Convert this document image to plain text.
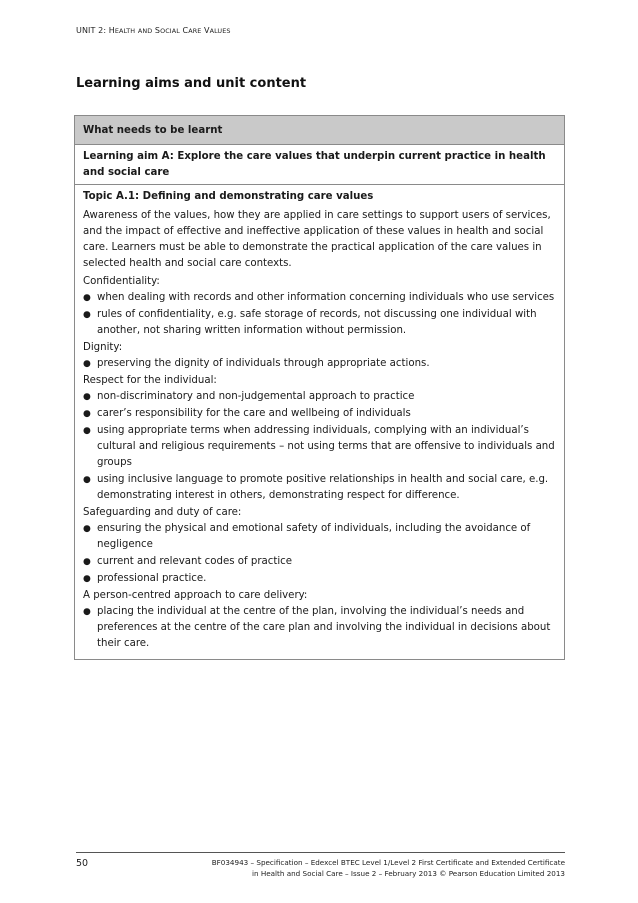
UNIT 2: HEALTH AND SOCIAL CARE VALUES
Learning aims and unit content
What needs to be learnt
Learning aim A: Explore the care values that underpin current practice in health and social care

Topic A.1: Defining and demonstrating care values

Awareness of the values, how they are applied in care settings to support users of services, and the impact of effective and ineffective application of these values in health and social care. Learners must be able to demonstrate the practical application of the care values in selected health and social care contexts.

Confidentiality:

● when dealing with records and other information concerning individuals who use services
● rules of confidentiality, e.g. safe storage of records, not discussing one individual with another, not sharing written information without permission.

Dignity:

● preserving the dignity of individuals through appropriate actions.

Respect for the individual:

● non-discriminatory and non-judgemental approach to practice
● carer’s responsibility for the care and wellbeing of individuals
● using appropriate terms when addressing individuals, complying with an individual’s cultural and religious requirements – not using terms that are offensive to individuals and groups
● using inclusive language to promote positive relationships in health and social care, e.g. demonstrating interest in others, demonstrating respect for difference.

Safeguarding and duty of care:

● ensuring the physical and emotional safety of individuals, including the avoidance of negligence
● current and relevant codes of practice
● professional practice.

A person-centred approach to care delivery:

● placing the individual at the centre of the plan, involving the individual’s needs and preferences at the centre of the care plan and involving the individual in decisions about their care.
50	BF034943 – Specification – Edexcel BTEC Level 1/Level 2 First Certificate and Extended Certificate
in Health and Social Care – Issue 2 – February 2013 © Pearson Education Limited 2013
